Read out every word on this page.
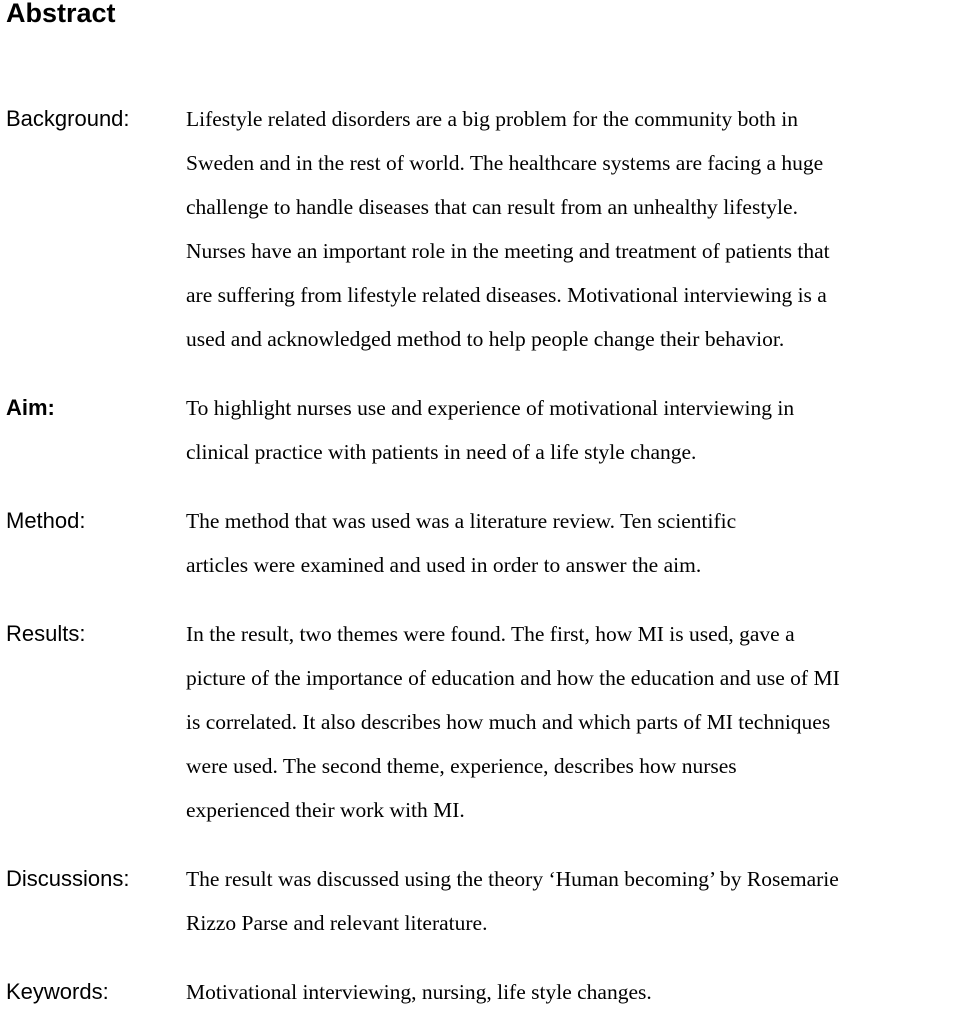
Abstract
Background:	Lifestyle related disorders are a big problem for the community both in
Sweden and in the rest of world. The healthcare systems are facing a huge
challenge to handle diseases that can result from an unhealthy lifestyle.
Nurses have an important role in the meeting and treatment of patients that
are suffering from lifestyle related diseases. Motivational interviewing is a
used and acknowledged method to help people change their behavior.
Aim:	To highlight nurses use and experience of motivational interviewing in
clinical practice with patients in need of a life style change.
Method:	The method that was used was a literature review. Ten scientific
articles were examined and used in order to answer the aim.
Results:	In the result, two themes were found. The first, how MI is used, gave a
picture of the importance of education and how the education and use of MI
is correlated. It also describes how much and which parts of MI techniques
were used. The second theme, experience, describes how nurses
experienced their work with MI.
Discussions:	The result was discussed using the theory ‘Human becoming’ by Rosemarie
Rizzo Parse and relevant literature.
Keywords:	Motivational interviewing, nursing, life style changes.
